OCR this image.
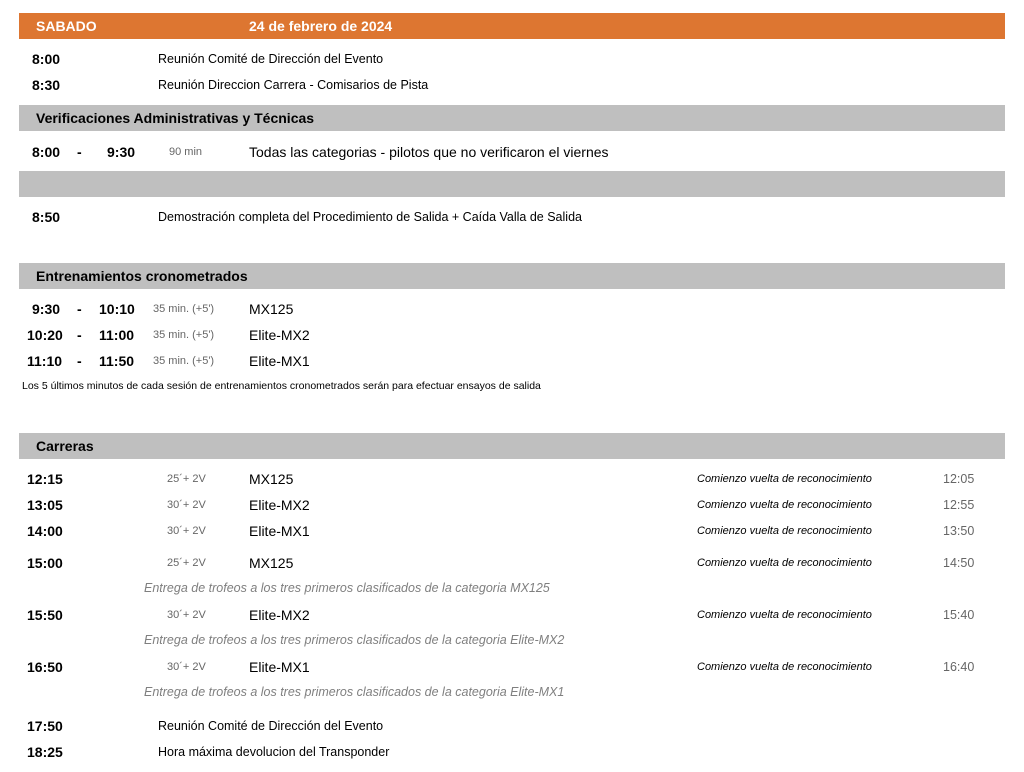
SABADO	24 de febrero de 2024
8:00	Reunión Comité de Dirección del Evento
8:30	Reunión Direccion Carrera - Comisarios de Pista
Verificaciones Administrativas y Técnicas
8:00 - 9:30	90 min	Todas las categorias - pilotos que no verificaron el viernes
8:50	Demostración completa del Procedimiento de Salida + Caída Valla de Salida
Entrenamientos cronometrados
9:30 - 10:10 35 min. (+5') MX125
10:20 - 11:00 35 min. (+5') Elite-MX2
11:10 - 11:50 35 min. (+5') Elite-MX1
Los 5 últimos minutos de cada sesión de entrenamientos cronometrados serán para efectuar ensayos de salida
Carreras
12:15	25´+ 2V	MX125	Comienzo vuelta de reconocimiento	12:05
13:05	30´+ 2V	Elite-MX2	Comienzo vuelta de reconocimiento	12:55
14:00	30´+ 2V	Elite-MX1	Comienzo vuelta de reconocimiento	13:50
15:00	25´+ 2V	MX125	Comienzo vuelta de reconocimiento	14:50
Entrega de trofeos a los tres primeros clasificados de la categoria MX125
15:50	30´+ 2V	Elite-MX2	Comienzo vuelta de reconocimiento	15:40
Entrega de trofeos a los tres primeros clasificados de la categoria Elite-MX2
16:50	30´+ 2V	Elite-MX1	Comienzo vuelta de reconocimiento	16:40
Entrega de trofeos a los tres primeros clasificados de la categoria Elite-MX1
17:50	Reunión Comité de Dirección del Evento
18:25	Hora máxima devolucion del Transponder
